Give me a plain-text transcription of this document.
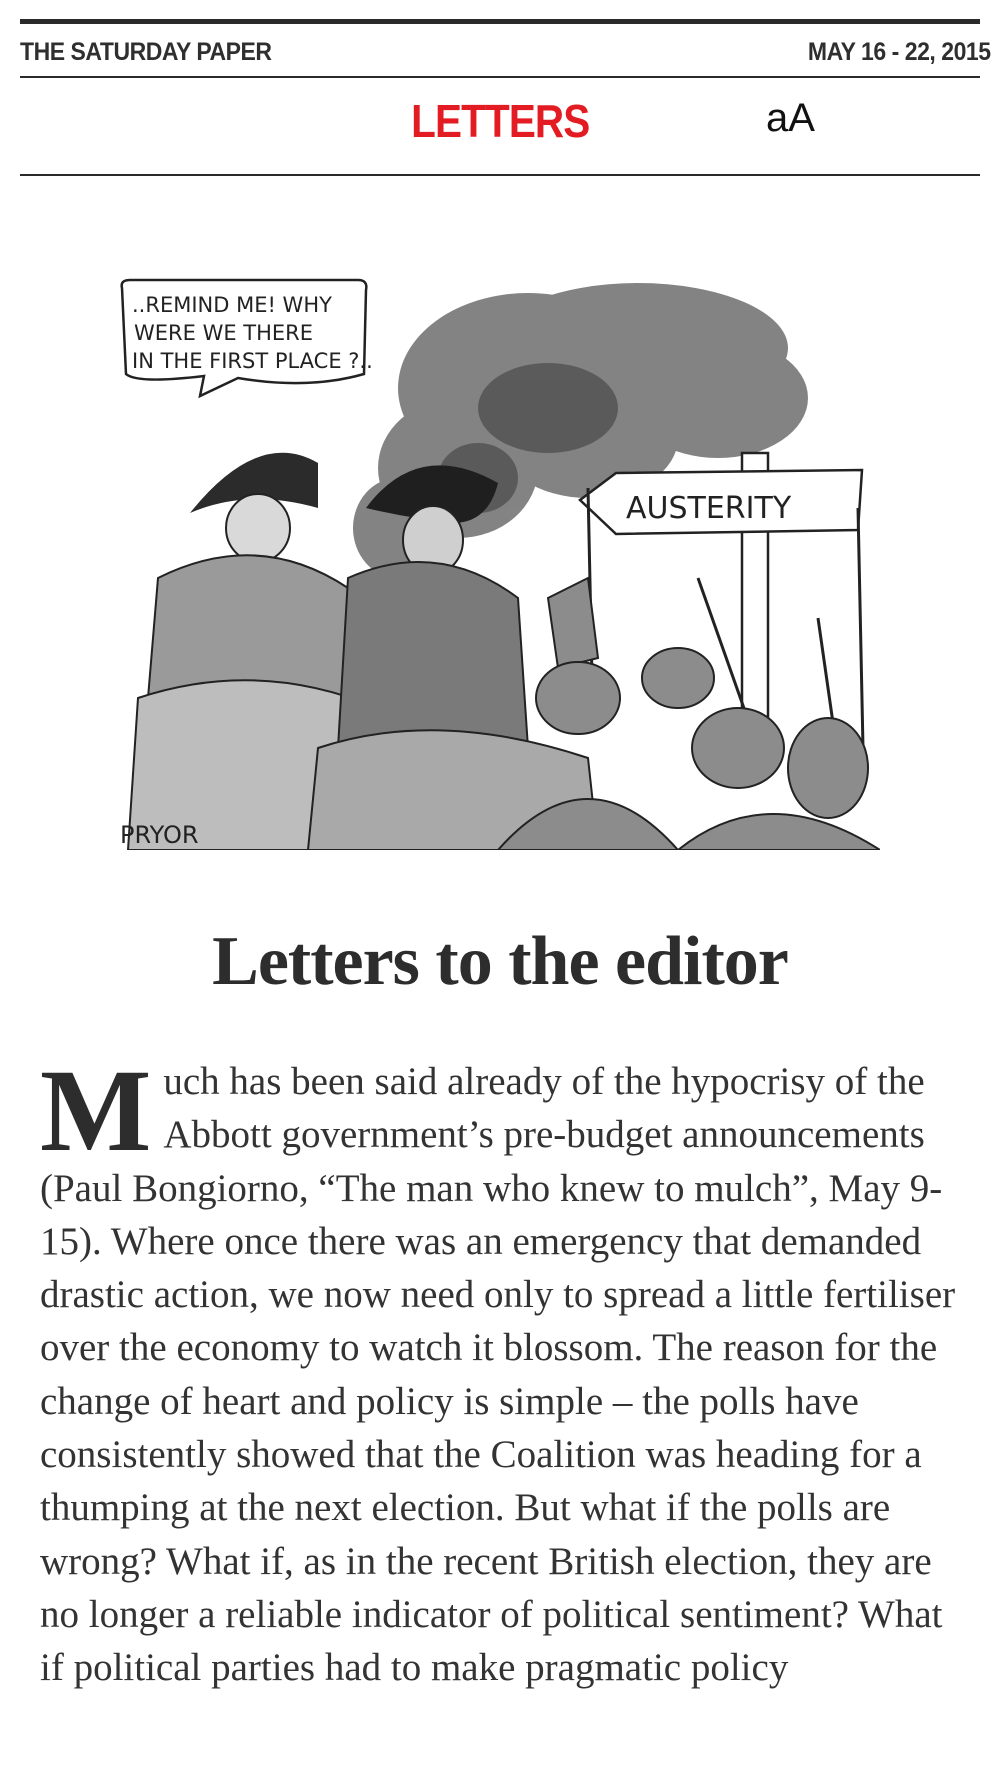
THE SATURDAY PAPER	MAY 16 - 22, 2015
LETTERS	aA
..REMIND ME! WHY
WERE WE THERE
IN THE FIRST PLACE ?..
AUSTERITY
PRYOR
Letters to the editor
M uch has been said already of the hypocrisy of the Abbott government’s pre-budget announcements (Paul Bongiorno, “The man who knew to mulch”, May 9-15). Where once there was an emergency that demanded drastic action, we now need only to spread a little fertiliser over the economy to watch it blossom. The reason for the change of heart and policy is simple – the polls have consistently showed that the Coalition was heading for a thumping at the next election. But what if the polls are wrong? What if, as in the recent British election, they are no longer a reliable indicator of political sentiment? What if political parties had to make pragmatic policy
